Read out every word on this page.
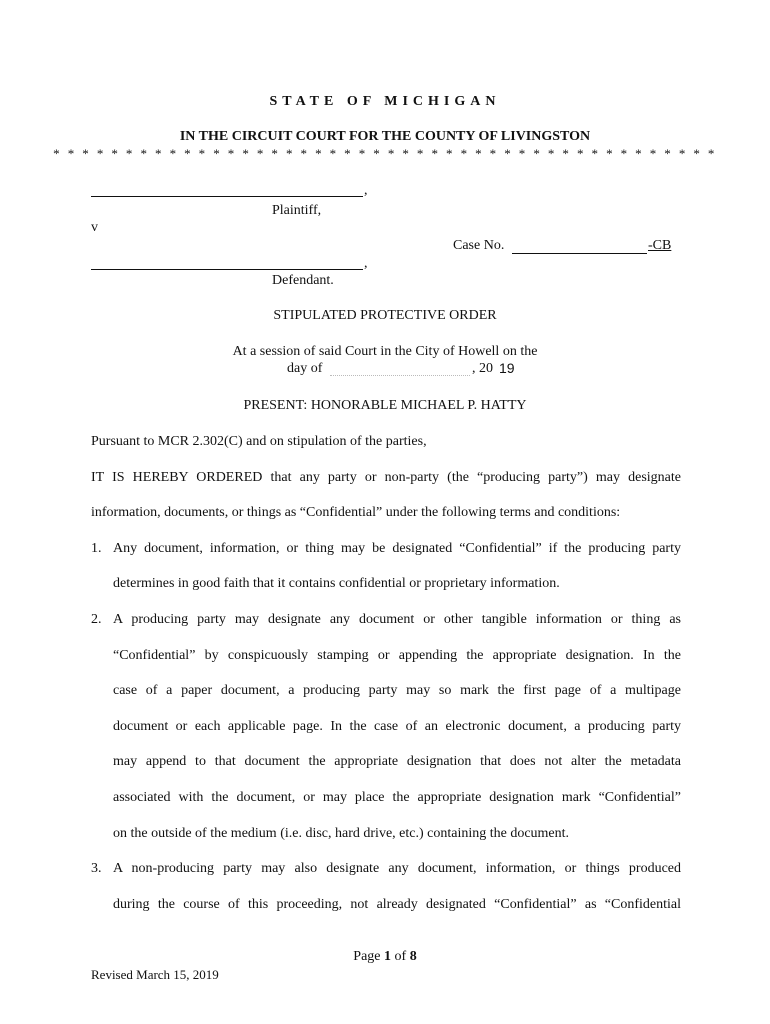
STATE OF MICHIGAN
IN THE CIRCUIT COURT FOR THE COUNTY OF LIVINGSTON
* * * * * * * * * * * * * * * * * * * * * * * * * * * * * * * * * * * * * * * * * * * * * *
,
Plaintiff,
v
Case No.	-CB
,
Defendant.
STIPULATED PROTECTIVE ORDER
At a session of said Court in the City of Howell on the
day of	, 20 19
PRESENT: HONORABLE MICHAEL P. HATTY
Pursuant to MCR 2.302(C) and on stipulation of the parties,
IT IS HEREBY ORDERED that any party or non-party (the “producing party”) may designate
information, documents, or things as “Confidential” under the following terms and conditions:
1. Any document, information, or thing may be designated “Confidential” if the producing party
determines in good faith that it contains confidential or proprietary information.
2. A producing party may designate any document or other tangible information or thing as
“Confidential” by conspicuously stamping or appending the appropriate designation. In the
case of a paper document, a producing party may so mark the first page of a multipage
document or each applicable page. In the case of an electronic document, a producing party
may append to that document the appropriate designation that does not alter the metadata
associated with the document, or may place the appropriate designation mark “Confidential”
on the outside of the medium (i.e. disc, hard drive, etc.) containing the document.
3. A non-producing party may also designate any document, information, or things produced
during the course of this proceeding, not already designated “Confidential” as “Confidential
Page 1 of 8
Revised March 15, 2019
